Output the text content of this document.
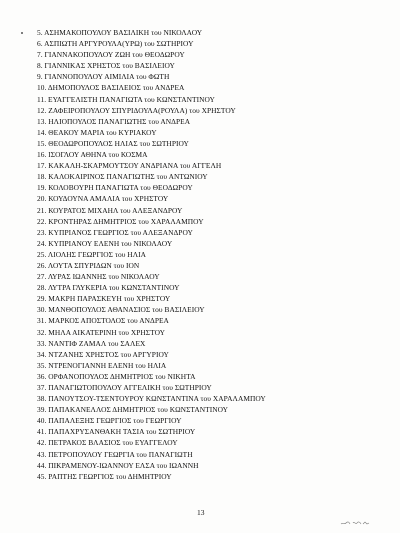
5. ΑΣΗΜΑΚΟΠΟΥΛΟΥ ΒΑΣΙΛΙΚΗ του ΝΙΚΟΛΑΟΥ
6. ΑΣΠΙΩΤΗ ΑΡΓΥΡΟΥΛΑ(ΥΡΩ) του ΣΩΤΗΡΙΟΥ
7. ΓΙΑΝΝΑΚΟΠΟΥΛΟΥ ΖΩΗ του ΘΕΟΔΩΡΟΥ
8. ΓΙΑΝΝΙΚΑΣ ΧΡΗΣΤΟΣ του ΒΑΣΙΛΕΙΟΥ
9. ΓΙΑΝΝΟΠΟΥΛΟΥ ΑΙΜΙΛΙΑ του ΦΩΤΗ
10. ΔΗΜΟΠΟΥΛΟΣ ΒΑΣΙΛΕΙΟΣ του ΑΝΔΡΕΑ
11. ΕΥΑΓΓΕΛΙΣΤΗ ΠΑΝΑΓΙΩΤΑ του ΚΩΝΣΤΑΝΤΙΝΟΥ
12. ΖΑΦΕΙΡΟΠΟΥΛΟΥ ΣΠΥΡΙΔΟΥΛΑ(ΡΟΥΛΑ) του ΧΡΗΣΤΟΥ
13. ΗΛΙΟΠΟΥΛΟΣ ΠΑΝΑΓΙΩΤΗΣ του ΑΝΔΡΕΑ
14. ΘΕΑΚΟΥ ΜΑΡΙΑ του ΚΥΡΙΑΚΟΥ
15. ΘΕΟΔΩΡΟΠΟΥΛΟΣ ΗΛΙΑΣ του ΣΩΤΗΡΙΟΥ
16. ΙΣΟΓΛΟΥ ΑΘΗΝΑ του ΚΟΣΜΑ
17. ΚΑΚΑΛΗ-ΣΚΑΡΜΟΥΤΣΟΥ ΑΝΔΡΙΑΝΑ του ΑΓΓΕΛΗ
18. ΚΑΛΟΚΑΙΡΙΝΟΣ ΠΑΝΑΓΙΩΤΗΣ του ΑΝΤΩΝΙΟΥ
19. ΚΟΛΟΒΟΥΡΗ ΠΑΝΑΓΙΩΤΑ του ΘΕΟΔΩΡΟΥ
20. ΚΟΥΔΟΥΝΑ ΑΜΑΛΙΑ του ΧΡΗΣΤΟΥ
21. ΚΟΥΡΑΤΟΣ ΜΙΧΑΗΛ του ΑΛΕΞΑΝΔΡΟΥ
22. ΚΡΟΝΤΗΡΑΣ ΔΗΜΗΤΡΙΟΣ του ΧΑΡΑΛΑΜΠΟΥ
23. ΚΥΠΡΙΑΝΟΣ ΓΕΩΡΓΙΟΣ του ΑΛΕΞΑΝΔΡΟΥ
24. ΚΥΠΡΙΑΝΟΥ ΕΛΕΝΗ του ΝΙΚΟΛΑΟΥ
25. ΛΙΟΛΗΣ ΓΕΩΡΓΙΟΣ του ΗΛΙΑ
26. ΛΟΥΤΑ ΣΠΥΡΙΔΩΝ του ΙΟΝ
27. ΛΥΡΑΣ ΙΩΑΝΝΗΣ του ΝΙΚΟΛΑΟΥ
28. ΛΥΤΡΑ ΓΛΥΚΕΡΙΑ του ΚΩΝΣΤΑΝΤΙΝΟΥ
29. ΜΑΚΡΗ ΠΑΡΑΣΚΕΥΗ του ΧΡΗΣΤΟΥ
30. ΜΑΝΘΟΠΟΥΛΟΣ ΑΘΑΝΑΣΙΟΣ του ΒΑΣΙΛΕΙΟΥ
31. ΜΑΡΚΟΣ ΑΠΟΣΤΟΛΟΣ του ΑΝΔΡΕΑ
32. ΜΗΛΑ ΑΙΚΑΤΕΡΙΝΗ του ΧΡΗΣΤΟΥ
33. ΝΑΝΤΙΦ ΖΑΜΑΛ του ΣΑΛΕΧ
34. ΝΤΖΑΝΗΣ ΧΡΗΣΤΟΣ του ΑΡΓΥΡΙΟΥ
35. ΝΤΡΕΝΟΓΙΑΝΝΗ ΕΛΕΝΗ του ΗΛΙΑ
36. ΟΡΦΑΝΟΠΟΥΛΟΣ ΔΗΜΗΤΡΙΟΣ του ΝΙΚΗΤΑ
37. ΠΑΝΑΓΙΩΤΟΠΟΥΛΟΥ ΑΓΓΕΛΙΚΗ του ΣΩΤΗΡΙΟΥ
38. ΠΑΝΟΥΤΣΟΥ-ΤΣΕΝΤΟΥΡΟΥ ΚΩΝΣΤΑΝΤΙΝΑ του ΧΑΡΑΛΑΜΠΟΥ
39. ΠΑΠΑΚΑΝΕΛΛΟΣ ΔΗΜΗΤΡΙΟΣ του ΚΩΝΣΤΑΝΤΙΝΟΥ
40. ΠΑΠΑΛΕΞΗΣ ΓΕΩΡΓΙΟΣ του ΓΕΩΡΓΙΟΥ
41. ΠΑΠΑΧΡΥΣΑΝΘΑΚΗ ΤΑΣΙΑ του ΣΩΤΗΡΙΟΥ
42. ΠΕΤΡΑΚΟΣ ΒΛΑΣΙΟΣ του ΕΥΑΓΓΕΛΟΥ
43. ΠΕΤΡΟΠΟΥΛΟΥ ΓΕΩΡΓΙΑ του ΠΑΝΑΓΙΩΤΗ
44. ΠΙΚΡΑΜΕΝΟΥ-ΙΩΑΝΝΟΥ ΕΛΣΑ του ΙΩΑΝΝΗ
45. ΡΑΠΤΗΣ ΓΕΩΡΓΙΟΣ του ΔΗΜΗΤΡΙΟΥ
13
